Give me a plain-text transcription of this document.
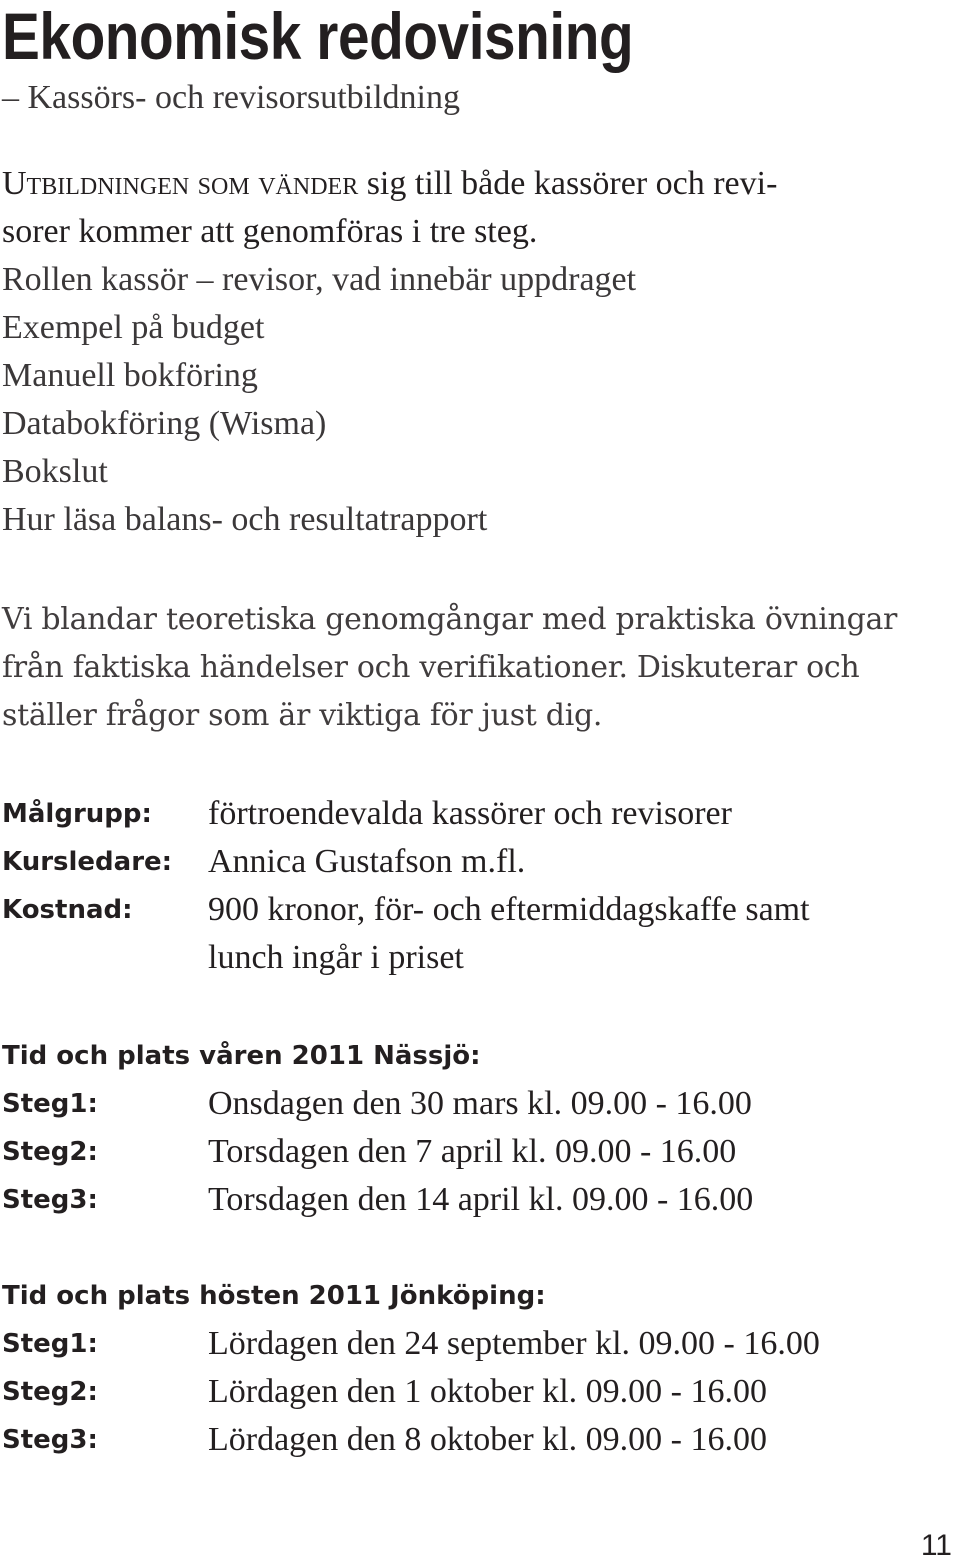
Ekonomisk redovisning
– Kassörs- och revisorsutbildning
Utbildningen som vänder sig till både kassörer och revi-
sorer kommer att genomföras i tre steg.
Rollen kassör – revisor, vad innebär uppdraget
Exempel på budget
Manuell bokföring
Databokföring (Wisma)
Bokslut
Hur läsa balans- och resultatrapport
Vi blandar teoretiska genomgångar med praktiska övningar
från faktiska händelser och verifikationer. Diskuterar och
ställer frågor som är viktiga för just dig.
Målgrupp: förtroendevalda kassörer och revisorer
Kursledare: Annica Gustafson m.fl.
Kostnad: 900 kronor, för- och eftermiddagskaffe samt
lunch ingår i priset
Tid och plats våren 2011 Nässjö:
Steg1:	Onsdagen den 30 mars kl. 09.00 - 16.00
Steg2:	Torsdagen den 7 april kl. 09.00 - 16.00
Steg3:	Torsdagen den 14 april kl. 09.00 - 16.00
Tid och plats hösten 2011 Jönköping:
Steg1:	Lördagen den 24 september kl. 09.00 - 16.00
Steg2:	Lördagen den 1 oktober kl. 09.00 - 16.00
Steg3:	Lördagen den 8 oktober kl. 09.00 - 16.00
11
